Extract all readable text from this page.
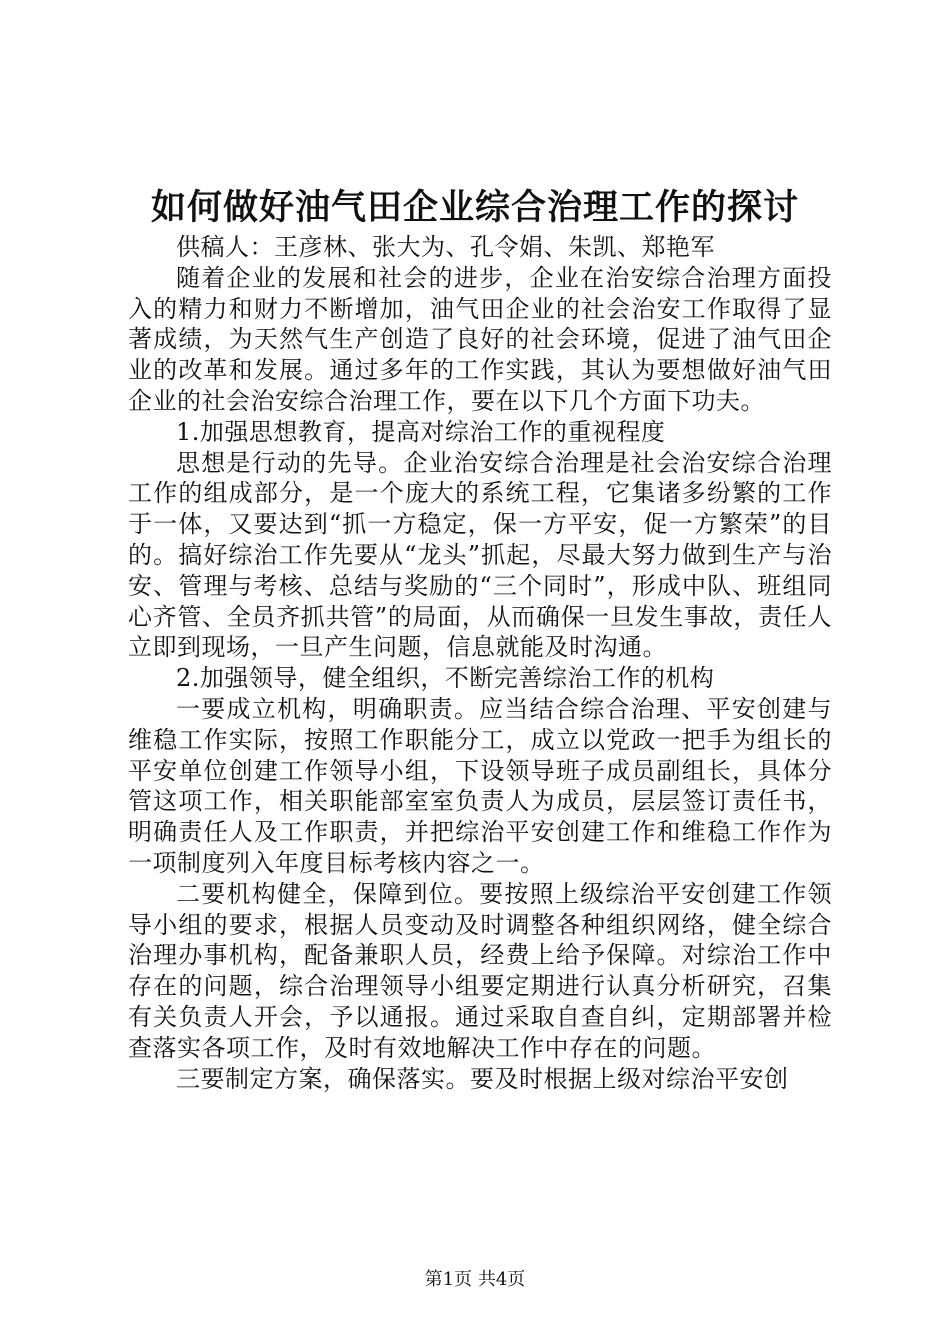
如何做好油气田企业综合治理工作的探讨

供稿人：王彦林、张大为、孔令娟、朱凯、郑艳军

随着企业的发展和社会的进步，企业在治安综合治理方面投入的精力和财力不断增加，油气田企业的社会治安工作取得了显著成绩，为天然气生产创造了良好的社会环境，促进了油气田企业的改革和发展。通过多年的工作实践，其认为要想做好油气田企业的社会治安综合治理工作，要在以下几个方面下功夫。

1.加强思想教育，提高对综治工作的重视程度

思想是行动的先导。企业治安综合治理是社会治安综合治理工作的组成部分，是一个庞大的系统工程，它集诸多纷繁的工作于一体，又要达到“抓一方稳定，保一方平安，促一方繁荣”的目的。搞好综治工作先要从“龙头”抓起，尽最大努力做到生产与治安、管理与考核、总结与奖励的“三个同时”，形成中队、班组同心齐管、全员齐抓共管”的局面，从而确保一旦发生事故，责任人立即到现场，一旦产生问题，信息就能及时沟通。

2.加强领导，健全组织，不断完善综治工作的机构

一要成立机构，明确职责。应当结合综合治理、平安创建与维稳工作实际，按照工作职能分工，成立以党政一把手为组长的平安单位创建工作领导小组，下设领导班子成员副组长，具体分管这项工作，相关职能部室室负责人为成员，层层签订责任书，明确责任人及工作职责，并把综治平安创建工作和维稳工作作为一项制度列入年度目标考核内容之一。

二要机构健全，保障到位。要按照上级综治平安创建工作领导小组的要求，根据人员变动及时调整各种组织网络，健全综合治理办事机构，配备兼职人员，经费上给予保障。对综治工作中存在的问题，综合治理领导小组要定期进行认真分析研究，召集有关负责人开会，予以通报。通过采取自查自纠，定期部署并检查落实各项工作，及时有效地解决工作中存在的问题。

三要制定方案，确保落实。要及时根据上级对综治平安创

第1页 共4页
